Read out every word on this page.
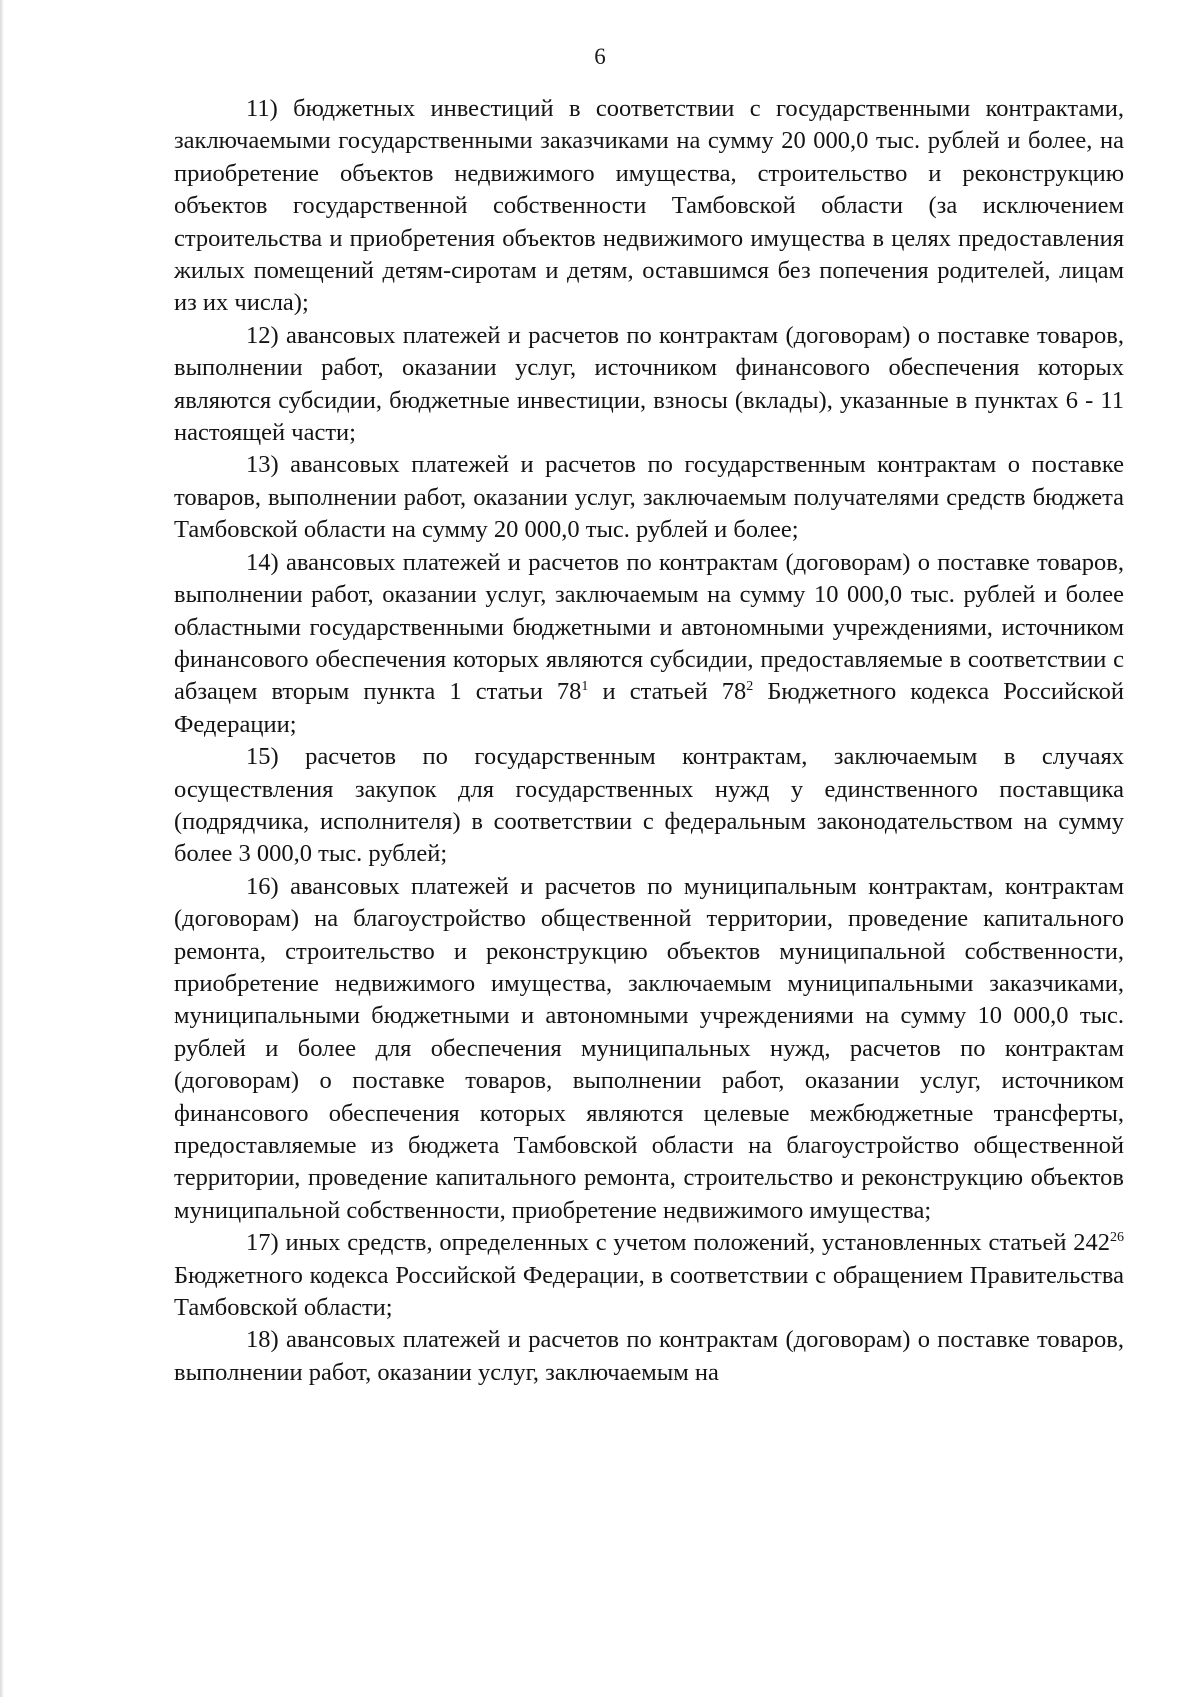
6

11) бюджетных инвестиций в соответствии с государственными контрактами, заключаемыми государственными заказчиками на сумму 20 000,0 тыс. рублей и более, на приобретение объектов недвижимого имущества, строительство и реконструкцию объектов государственной собственности Тамбовской области (за исключением строительства и приобретения объектов недвижимого имущества в целях предоставления жилых помещений детям-сиротам и детям, оставшимся без попечения родителей, лицам из их числа);

12) авансовых платежей и расчетов по контрактам (договорам) о поставке товаров, выполнении работ, оказании услуг, источником финансового обеспечения которых являются субсидии, бюджетные инвестиции, взносы (вклады), указанные в пунктах 6 - 11 настоящей части;

13) авансовых платежей и расчетов по государственным контрактам о поставке товаров, выполнении работ, оказании услуг, заключаемым получателями средств бюджета Тамбовской области на сумму 20 000,0 тыс. рублей и более;

14) авансовых платежей и расчетов по контрактам (договорам) о поставке товаров, выполнении работ, оказании услуг, заключаемым на сумму 10 000,0 тыс. рублей и более областными государственными бюджетными и автономными учреждениями, источником финансового обеспечения которых являются субсидии, предоставляемые в соответствии с абзацем вторым пункта 1 статьи $78^1$ и статьей $78^2$ Бюджетного кодекса Российской Федерации;

15) расчетов по государственным контрактам, заключаемым в случаях осуществления закупок для государственных нужд у единственного поставщика (подрядчика, исполнителя) в соответствии с федеральным законодательством на сумму более 3 000,0 тыс. рублей;

16) авансовых платежей и расчетов по муниципальным контрактам, контрактам (договорам) на благоустройство общественной территории, проведение капитального ремонта, строительство и реконструкцию объектов муниципальной собственности, приобретение недвижимого имущества, заключаемым муниципальными заказчиками, муниципальными бюджетными и автономными учреждениями на сумму 10 000,0 тыс. рублей и более для обеспечения муниципальных нужд, расчетов по контрактам (договорам) о поставке товаров, выполнении работ, оказании услуг, источником финансового обеспечения которых являются целевые межбюджетные трансферты, предоставляемые из бюджета Тамбовской области на благоустройство общественной территории, проведение капитального ремонта, строительство и реконструкцию объектов муниципальной собственности, приобретение недвижимого имущества;

17) иных средств, определенных с учетом положений, установленных статьей $242^{26}$ Бюджетного кодекса Российской Федерации, в соответствии с обращением Правительства Тамбовской области;

18) авансовых платежей и расчетов по контрактам (договорам) о поставке товаров, выполнении работ, оказании услуг, заключаемым на
